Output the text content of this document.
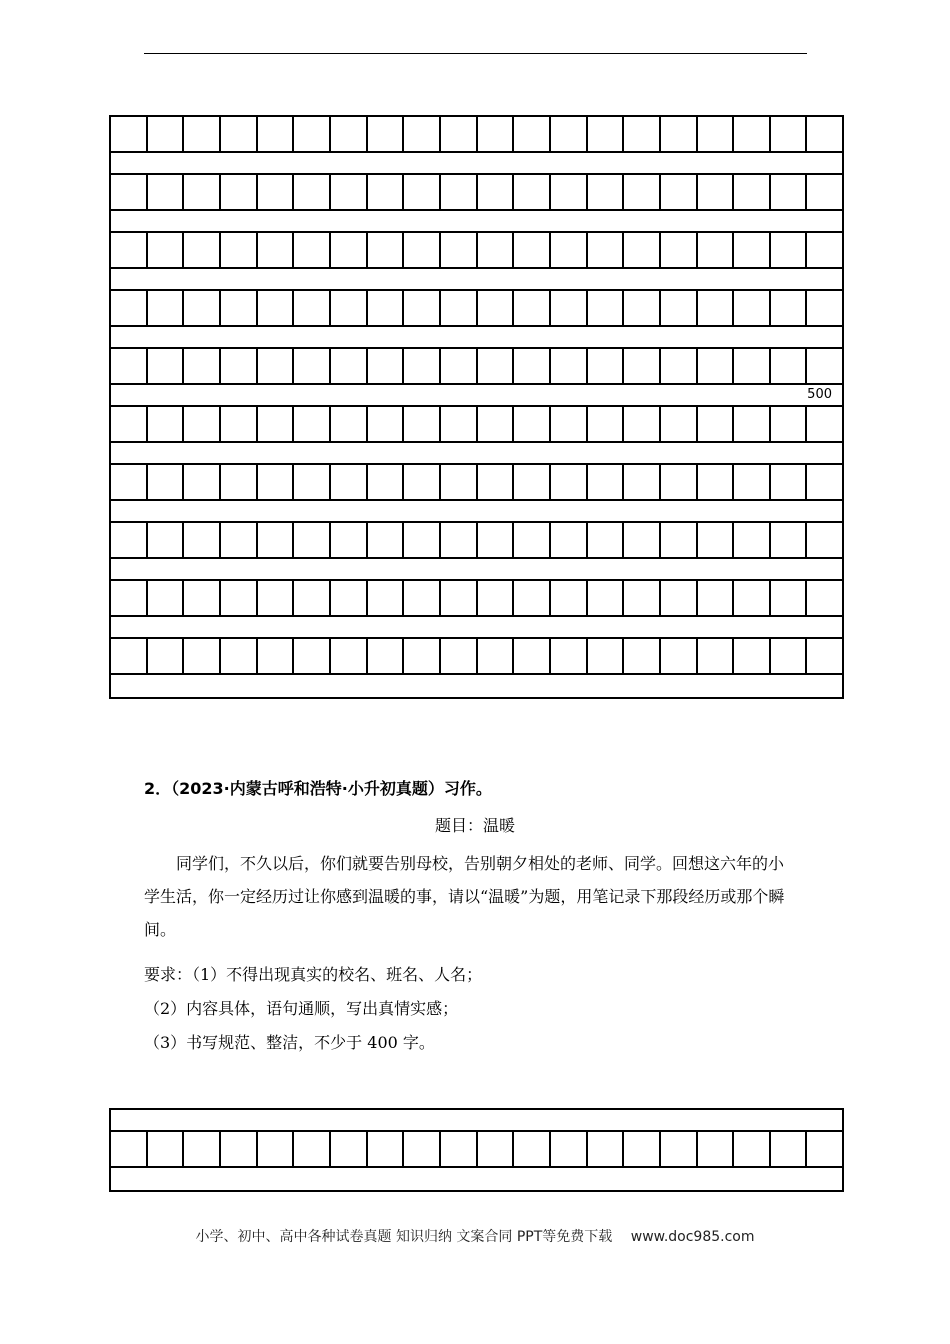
500
2．（2023·内蒙古呼和浩特·小升初真题）习作。
题目：温暖
同学们，不久以后，你们就要告别母校，告别朝夕相处的老师、同学。回想这六年的小学生活，你一定经历过让你感到温暖的事，请以“温暖”为题，用笔记录下那段经历或那个瞬间。
要求：（1）不得出现真实的校名、班名、人名；
（2）内容具体，语句通顺，写出真情实感；
（3）书写规范、整洁，不少于 400 字。
小学、初中、高中各种试卷真题 知识归纳 文案合同 PPT等免费下载 www.doc985.com
